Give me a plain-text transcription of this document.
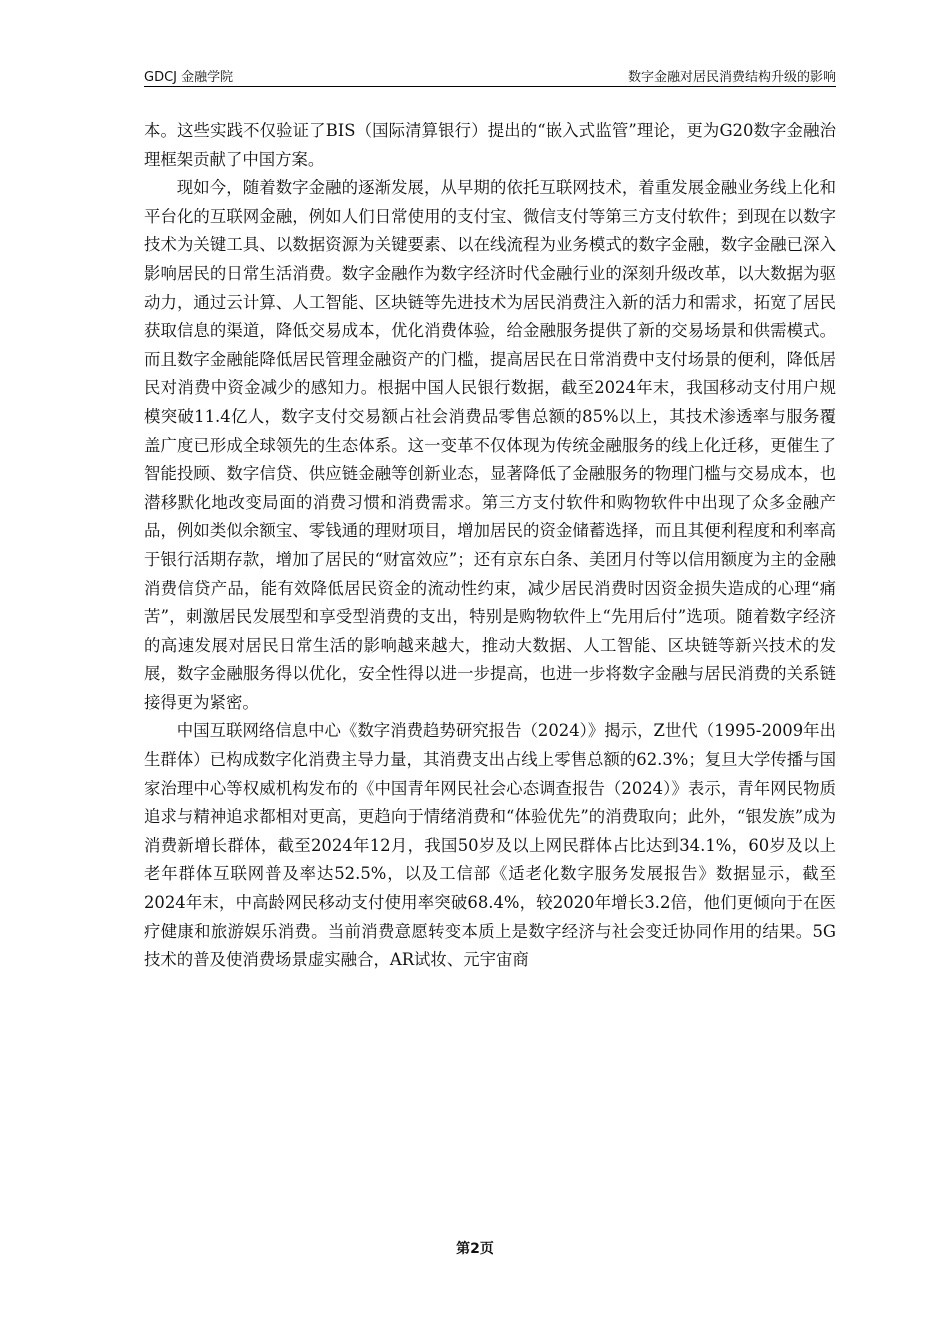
GDCJ 金融学院	数字金融对居民消费结构升级的影响

本。这些实践不仅验证了BIS（国际清算银行）提出的“嵌入式监管”理论，更为G20数字金融治理框架贡献了中国方案。

现如今，随着数字金融的逐渐发展，从早期的依托互联网技术，着重发展金融业务线上化和平台化的互联网金融，例如人们日常使用的支付宝、微信支付等第三方支付软件；到现在以数字技术为关键工具、以数据资源为关键要素、以在线流程为业务模式的数字金融，数字金融已深入影响居民的日常生活消费。数字金融作为数字经济时代金融行业的深刻升级改革，以大数据为驱动力，通过云计算、人工智能、区块链等先进技术为居民消费注入新的活力和需求，拓宽了居民获取信息的渠道，降低交易成本，优化消费体验，给金融服务提供了新的交易场景和供需模式。而且数字金融能降低居民管理金融资产的门槛，提高居民在日常消费中支付场景的便利，降低居民对消费中资金减少的感知力。根据中国人民银行数据，截至2024年末，我国移动支付用户规模突破11.4亿人，数字支付交易额占社会消费品零售总额的85%以上，其技术渗透率与服务覆盖广度已形成全球领先的生态体系。这一变革不仅体现为传统金融服务的线上化迁移，更催生了智能投顾、数字信贷、供应链金融等创新业态，显著降低了金融服务的物理门槛与交易成本，也潜移默化地改变局面的消费习惯和消费需求。第三方支付软件和购物软件中出现了众多金融产品，例如类似余额宝、零钱通的理财项目，增加居民的资金储蓄选择，而且其便利程度和利率高于银行活期存款，增加了居民的“财富效应”；还有京东白条、美团月付等以信用额度为主的金融消费信贷产品，能有效降低居民资金的流动性约束，减少居民消费时因资金损失造成的心理“痛苦”，刺激居民发展型和享受型消费的支出，特别是购物软件上“先用后付”选项。随着数字经济的高速发展对居民日常生活的影响越来越大，推动大数据、人工智能、区块链等新兴技术的发展，数字金融服务得以优化，安全性得以进一步提高，也进一步将数字金融与居民消费的关系链接得更为紧密。

中国互联网络信息中心《数字消费趋势研究报告（2024）》揭示，Z世代（1995-2009年出生群体）已构成数字化消费主导力量，其消费支出占线上零售总额的62.3%；复旦大学传播与国家治理中心等权威机构发布的《中国青年网民社会心态调查报告（2024）》表示，青年网民物质追求与精神追求都相对更高，更趋向于情绪消费和“体验优先”的消费取向；此外，“银发族”成为消费新增长群体，截至2024年12月，我国50岁及以上网民群体占比达到34.1%，60岁及以上老年群体互联网普及率达52.5%，以及工信部《适老化数字服务发展报告》数据显示，截至2024年末，中高龄网民移动支付使用率突破68.4%，较2020年增长3.2倍，他们更倾向于在医疗健康和旅游娱乐消费。当前消费意愿转变本质上是数字经济与社会变迁协同作用的结果。5G技术的普及使消费场景虚实融合，AR试妆、元宇宙商

第2页
